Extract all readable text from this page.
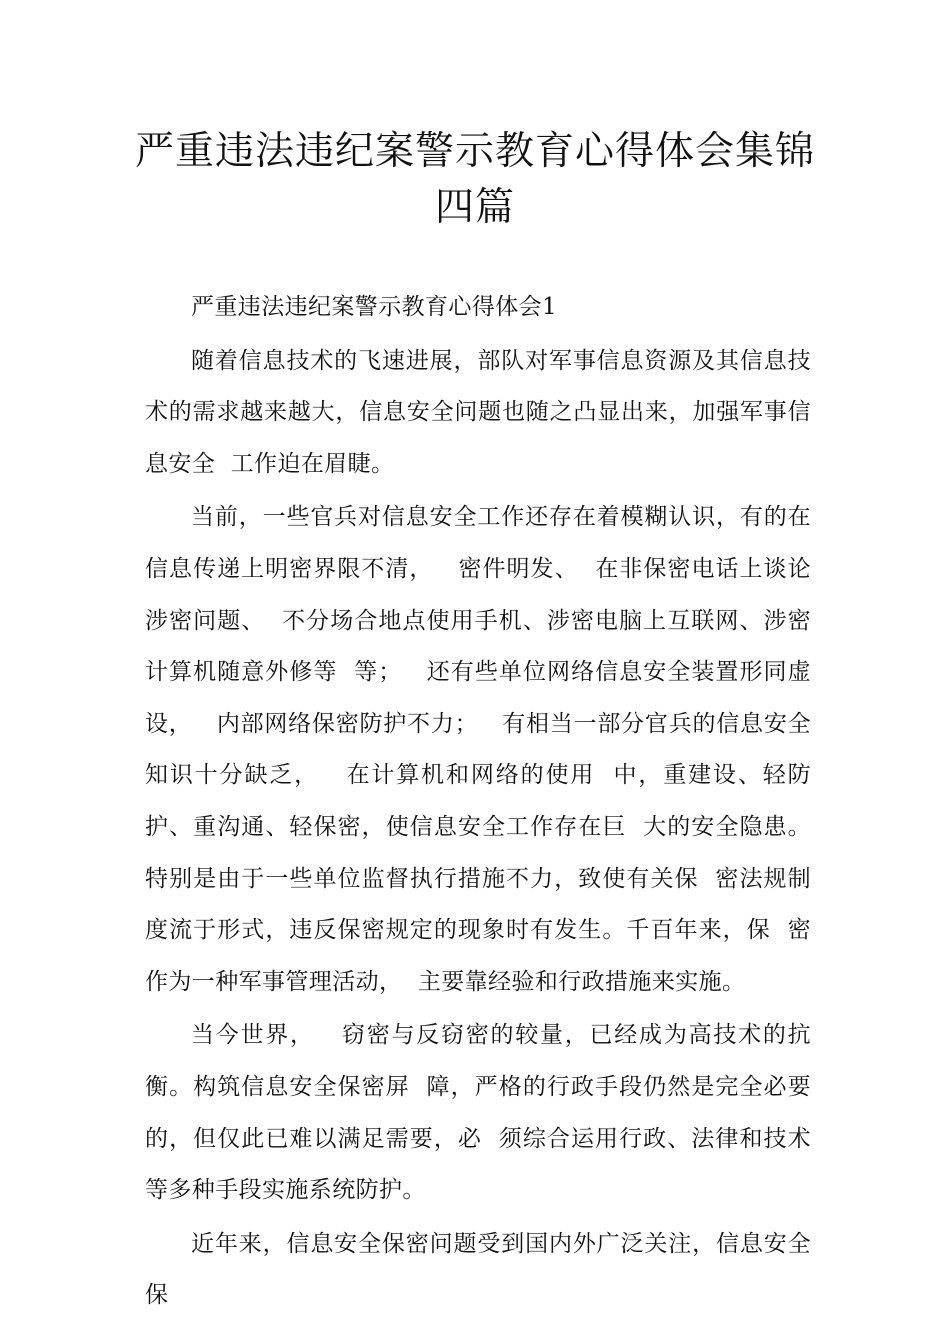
严重违法违纪案警示教育心得体会集锦
四篇

严重违法违纪案警示教育心得体会1

随着信息技术的飞速进展，部队对军事信息资源及其信息技术的需求越来越大，信息安全问题也随之凸显出来，加强军事信息安全  工作迫在眉睫。

当前，一些官兵对信息安全工作还存在着模糊认识，有的在  信息传递上明密界限不清，   密件明发、  在非保密电话上谈论涉密问题、  不分场合地点使用手机、涉密电脑上互联网、涉密计算机随意外修等  等；   还有些单位网络信息安全装置形同虚设，   内部网络保密防护不力；   有相当一部分官兵的信息安全知识十分缺乏，   在计算机和网络的使用  中，重建设、轻防护、重沟通、轻保密，使信息安全工作存在巨  大的安全隐患。特别是由于一些单位监督执行措施不力，致使有关保  密法规制度流于形式，违反保密规定的现象时有发生。千百年来，保  密作为一种军事管理活动，  主要靠经验和行政措施来实施。

当今世界，   窃密与反窃密的较量，已经成为高技术的抗衡。构筑信息安全保密屏  障，严格的行政手段仍然是完全必要的，但仅此已难以满足需要，必  须综合运用行政、法律和技术等多种手段实施系统防护。

近年来，信息安全保密问题受到国内外广泛关注，信息安全保
